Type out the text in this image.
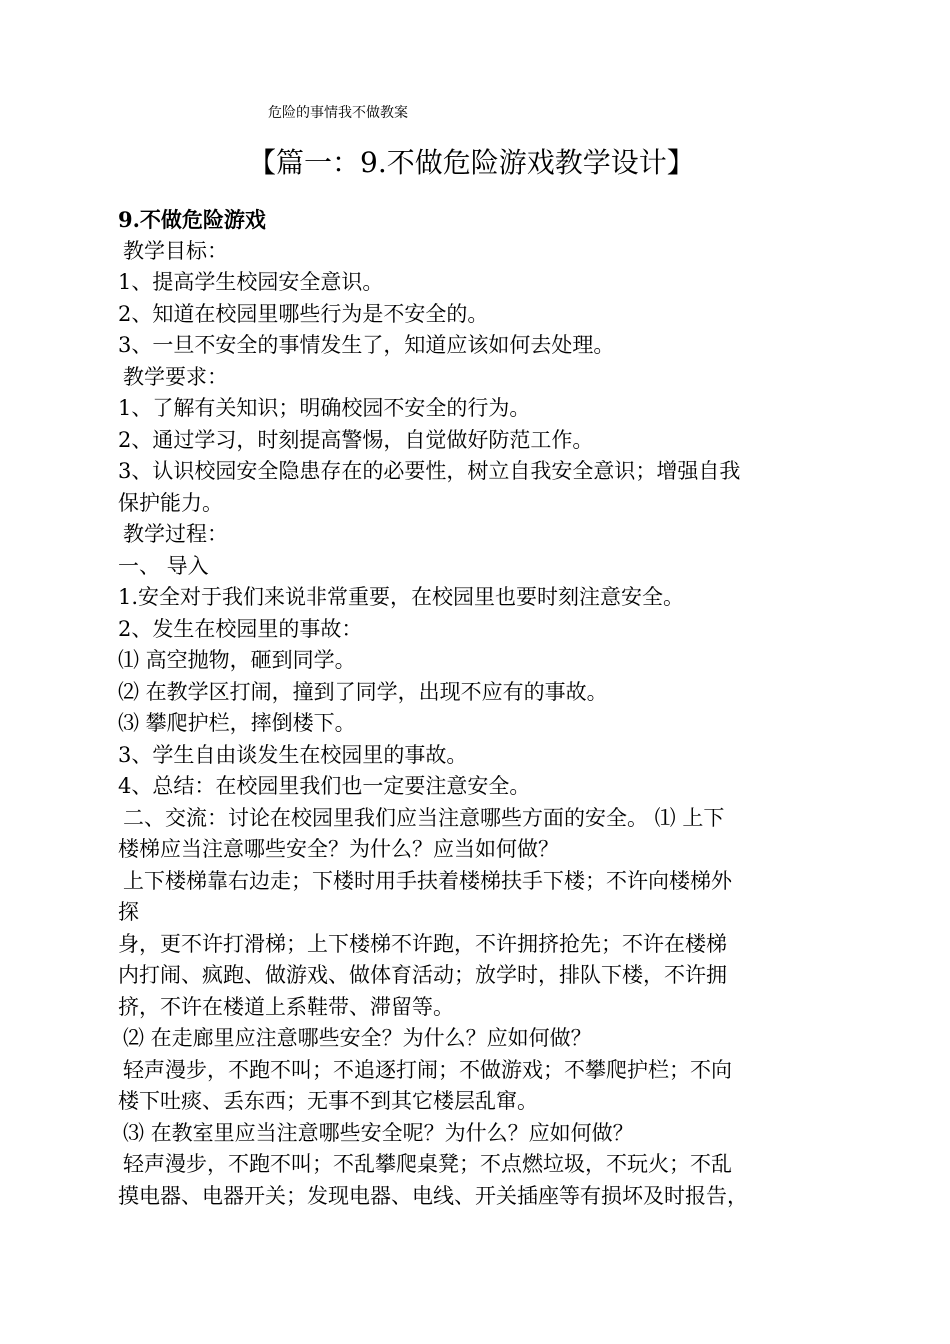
危险的事情我不做教案
【篇一：9.不做危险游戏教学设计】
9.不做危险游戏
教学目标：
1、提高学生校园安全意识。
2、知道在校园里哪些行为是不安全的。
3、一旦不安全的事情发生了，知道应该如何去处理。
教学要求：
1、了解有关知识；明确校园不安全的行为。
2、通过学习，时刻提高警惕，自觉做好防范工作。
3、认识校园安全隐患存在的必要性，树立自我安全意识；增强自我
保护能力。
教学过程：
一、 导入
1.安全对于我们来说非常重要，在校园里也要时刻注意安全。
2、发生在校园里的事故：
⑴ 高空抛物，砸到同学。
⑵ 在教学区打闹，撞到了同学，出现不应有的事故。
⑶ 攀爬护栏，摔倒楼下。
3、学生自由谈发生在校园里的事故。
4、总结：在校园里我们也一定要注意安全。
二、交流：讨论在校园里我们应当注意哪些方面的安全。 ⑴ 上下
楼梯应当注意哪些安全？为什么？应当如何做？
上下楼梯靠右边走；下楼时用手扶着楼梯扶手下楼；不许向楼梯外
探
身，更不许打滑梯；上下楼梯不许跑，不许拥挤抢先；不许在楼梯
内打闹、疯跑、做游戏、做体育活动；放学时，排队下楼，不许拥
挤，不许在楼道上系鞋带、滞留等。
⑵ 在走廊里应注意哪些安全？为什么？应如何做？
轻声漫步，不跑不叫；不追逐打闹；不做游戏；不攀爬护栏；不向
楼下吐痰、丢东西；无事不到其它楼层乱窜。
⑶ 在教室里应当注意哪些安全呢？为什么？应如何做？
轻声漫步，不跑不叫；不乱攀爬桌凳；不点燃垃圾，不玩火；不乱
摸电器、电器开关；发现电器、电线、开关插座等有损坏及时报告，
